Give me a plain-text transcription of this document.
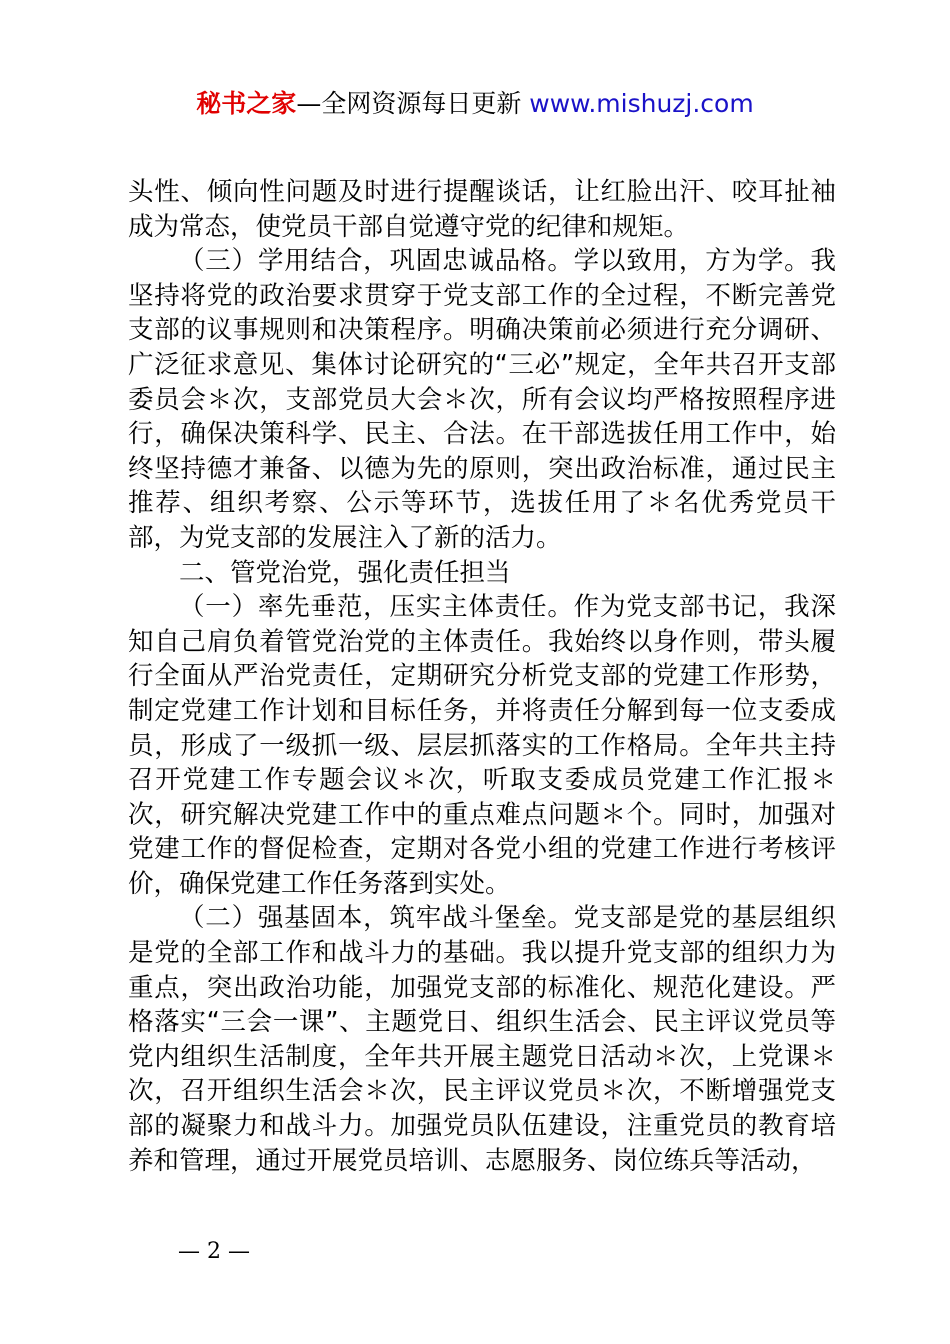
秘书之家—全网资源每日更新 www.mishuzj.com

头性、倾向性问题及时进行提醒谈话，让红脸出汗、咬耳扯袖成为常态，使党员干部自觉遵守党的纪律和规矩。

（三）学用结合，巩固忠诚品格。学以致用，方为学。我坚持将党的政治要求贯穿于党支部工作的全过程，不断完善党支部的议事规则和决策程序。明确决策前必须进行充分调研、广泛征求意见、集体讨论研究的“三必”规定，全年共召开支部委员会＊次，支部党员大会＊次，所有会议均严格按照程序进行，确保决策科学、民主、合法。在干部选拔任用工作中，始终坚持德才兼备、以德为先的原则，突出政治标准，通过民主推荐、组织考察、公示等环节，选拔任用了＊名优秀党员干部，为党支部的发展注入了新的活力。

二、管党治党，强化责任担当

（一）率先垂范，压实主体责任。作为党支部书记，我深知自己肩负着管党治党的主体责任。我始终以身作则，带头履行全面从严治党责任，定期研究分析党支部的党建工作形势，制定党建工作计划和目标任务，并将责任分解到每一位支委成员，形成了一级抓一级、层层抓落实的工作格局。全年共主持召开党建工作专题会议＊次，听取支委成员党建工作汇报＊次，研究解决党建工作中的重点难点问题＊个。同时，加强对党建工作的督促检查，定期对各党小组的党建工作进行考核评价，确保党建工作任务落到实处。

（二）强基固本，筑牢战斗堡垒。党支部是党的基层组织是党的全部工作和战斗力的基础。我以提升党支部的组织力为重点，突出政治功能，加强党支部的标准化、规范化建设。严格落实“三会一课”、主题党日、组织生活会、民主评议党员等党内组织生活制度，全年共开展主题党日活动＊次，上党课＊次，召开组织生活会＊次，民主评议党员＊次，不断增强党支部的凝聚力和战斗力。加强党员队伍建设，注重党员的教育培养和管理，通过开展党员培训、志愿服务、岗位练兵等活动，

— 2 —
